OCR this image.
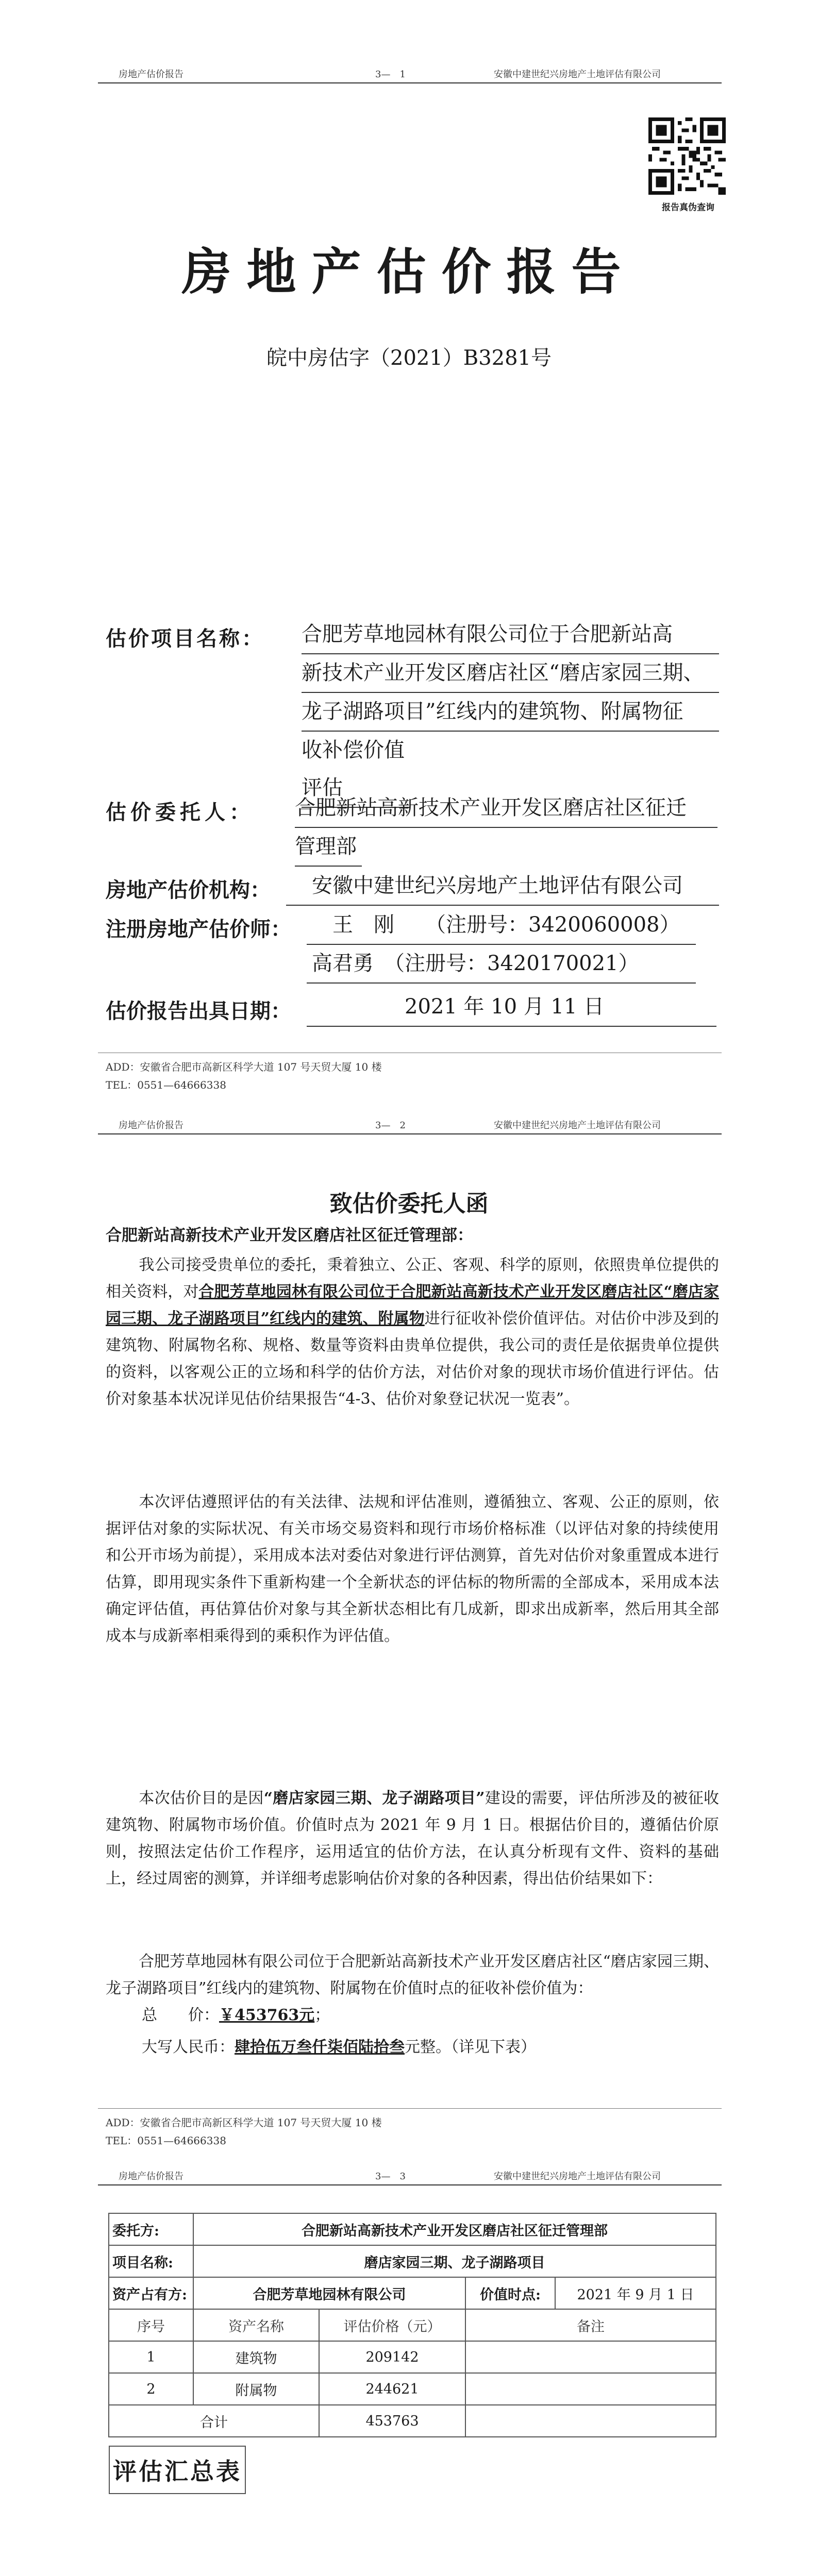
房地产估价报告	3—　1	安徽中建世纪兴房地产土地评估有限公司
报告真伪查询
房地产估价报告
皖中房估字（2021）B3281号
估价项目名称： 合肥芳草地园林有限公司位于合肥新站高
新技术产业开发区磨店社区“磨店家园三期、
龙子湖路项目”红线内的建筑物、附属物征
收补偿价值评估
估价委托人： 合肥新站高新技术产业开发区磨店社区征迁
管理部
房地产估价机构：	安徽中建世纪兴房地产土地评估有限公司
注册房地产估价师：	王　刚　　（注册号：3420060008）
高君勇　（注册号：3420170021）
估价报告出具日期：	2021 年 10 月 11 日
ADD：安徽省合肥市高新区科学大道 107 号天贸大厦 10 楼
TEL：0551—64666338
房地产估价报告	3—　2	安徽中建世纪兴房地产土地评估有限公司
致估价委托人函
合肥新站高新技术产业开发区磨店社区征迁管理部：
我公司接受贵单位的委托，秉着独立、公正、客观、科学的原则，依照贵单位提供的相关资料，对合肥芳草地园林有限公司位于合肥新站高新技术产业开发区磨店社区“磨店家园三期、龙子湖路项目”红线内的建筑、附属物进行征收补偿价值评估。对估价中涉及到的建筑物、附属物名称、规格、数量等资料由贵单位提供，我公司的责任是依据贵单位提供的资料，以客观公正的立场和科学的估价方法，对估价对象的现状市场价值进行评估。估价对象基本状况详见估价结果报告“4-3、估价对象登记状况一览表”。
本次评估遵照评估的有关法律、法规和评估准则，遵循独立、客观、公正的原则，依据评估对象的实际状况、有关市场交易资料和现行市场价格标准（以评估对象的持续使用和公开市场为前提），采用成本法对委估对象进行评估测算，首先对估价对象重置成本进行估算，即用现实条件下重新构建一个全新状态的评估标的物所需的全部成本，采用成本法确定评估值，再估算估价对象与其全新状态相比有几成新，即求出成新率，然后用其全部成本与成新率相乘得到的乘积作为评估值。
本次估价目的是因“磨店家园三期、龙子湖路项目”建设的需要，评估所涉及的被征收建筑物、附属物市场价值。价值时点为 2021 年 9 月 1 日。根据估价目的，遵循估价原则，按照法定估价工作程序，运用适宜的估价方法，在认真分析现有文件、资料的基础上，经过周密的测算，并详细考虑影响估价对象的各种因素，得出估价结果如下：
合肥芳草地园林有限公司位于合肥新站高新技术产业开发区磨店社区“磨店家园三期、龙子湖路项目”红线内的建筑物、附属物在价值时点的征收补偿价值为：
总　　价：￥453763元；
大写人民币：肆拾伍万叁仟柒佰陆拾叁元整。（详见下表）
ADD：安徽省合肥市高新区科学大道 107 号天贸大厦 10 楼
TEL：0551—64666338
房地产估价报告	3—　3	安徽中建世纪兴房地产土地评估有限公司
评估汇总表
委托方:	合肥新站高新技术产业开发区磨店社区征迁管理部
项目名称:	磨店家园三期、龙子湖路项目
资产占有方:	合肥芳草地园林有限公司	价值时点:	2021 年 9 月 1 日
序号	资产名称	评估价格（元）	备注
1	建筑物	209142	
2	附属物	244621	
合计	453763	
